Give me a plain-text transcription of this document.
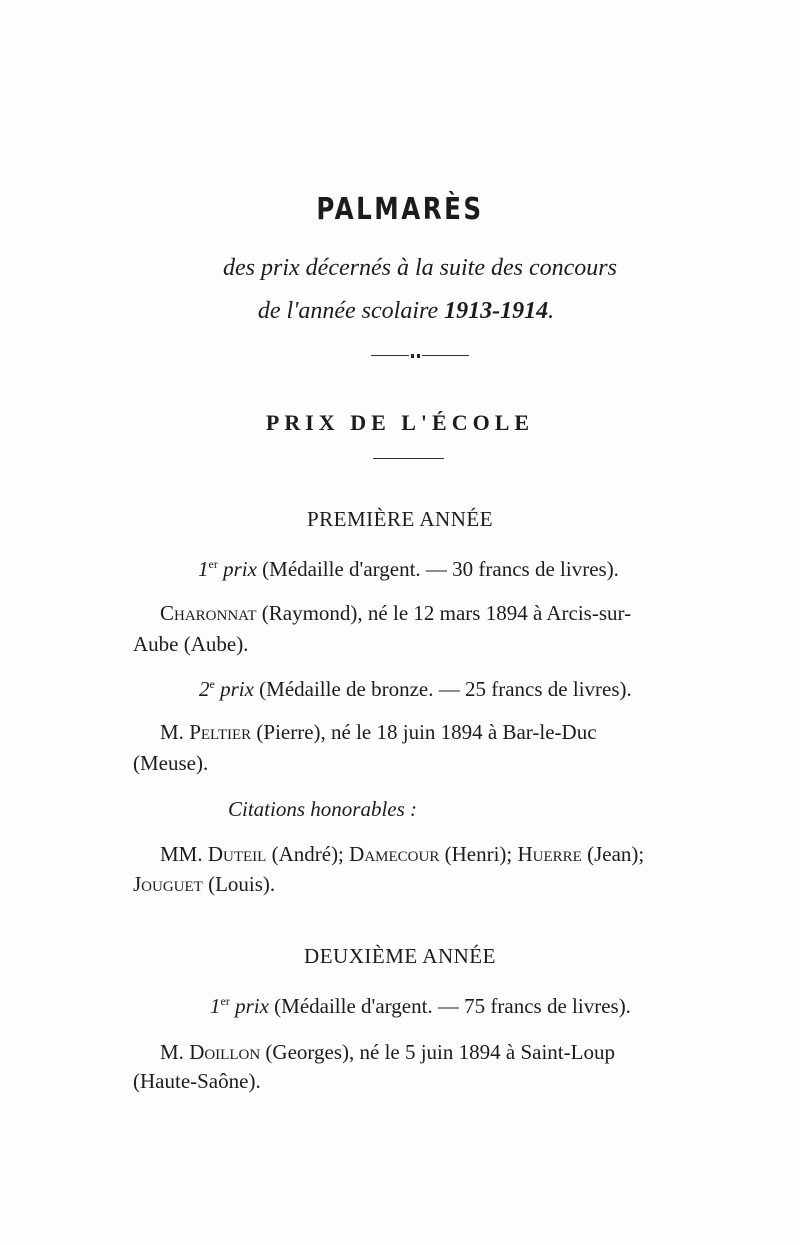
PALMARÈS
des prix décernés à la suite des concours
de l'année scolaire 1913-1914.
PRIX DE L'ÉCOLE
PREMIÈRE ANNÉE
1er prix (Médaille d'argent. — 30 francs de livres).
Charonnat (Raymond), né le 12 mars 1894 à Arcis-sur-
Aube (Aube).
2e prix (Médaille de bronze. — 25 francs de livres).
M. Peltier (Pierre), né le 18 juin 1894 à Bar-le-Duc
(Meuse).
Citations honorables :
MM. Duteil (André); Damecour (Henri); Huerre (Jean);
Jouguet (Louis).
DEUXIÈME ANNÉE
1er prix (Médaille d'argent. — 75 francs de livres).
M. Doillon (Georges), né le 5 juin 1894 à Saint-Loup
(Haute-Saône).
